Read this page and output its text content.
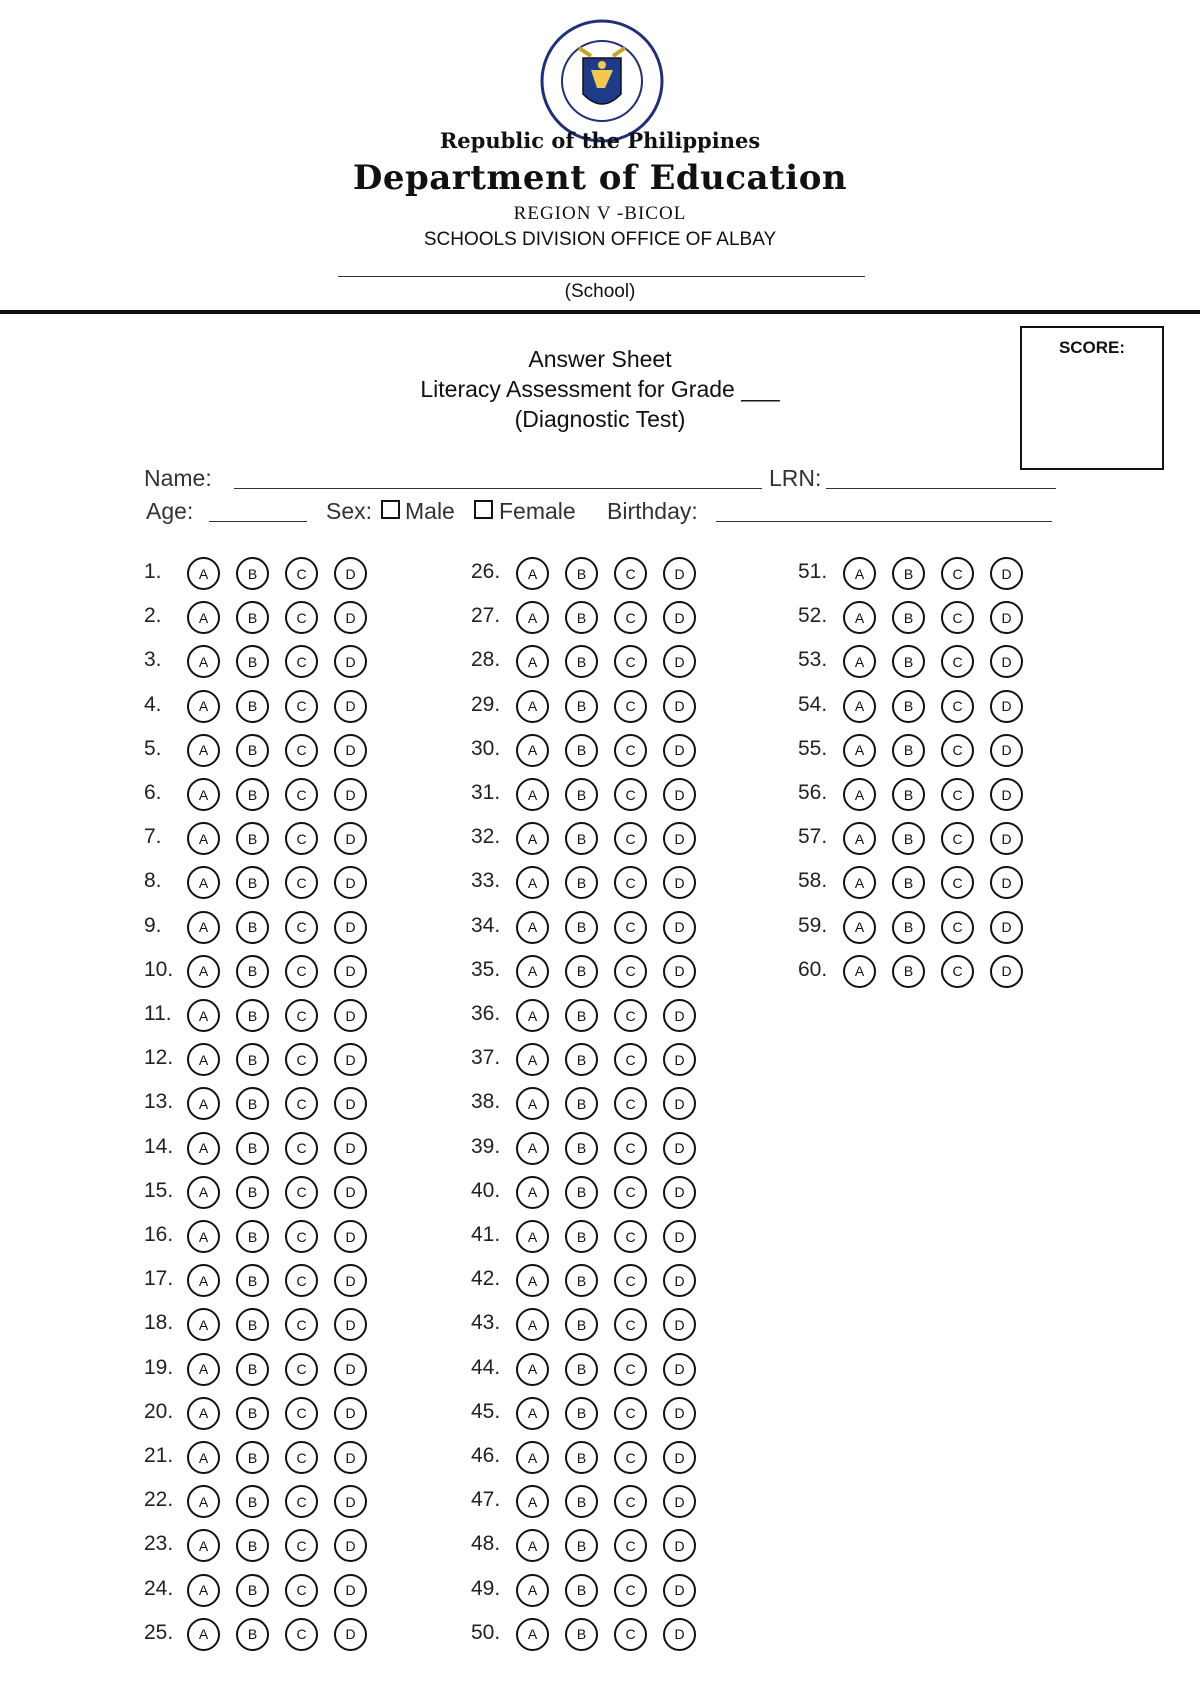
Republic of the Philippines
Department of Education
REGION V -BICOL
SCHOOLS DIVISION OFFICE OF ALBAY
(School)
SCORE:
Answer Sheet
Literacy Assessment for Grade ___
(Diagnostic Test)
Name:	LRN:
Age:	Sex: Male Female Birthday:
1.	A	B	C	D
2.	A	B	C	D
3.	A	B	C	D
4.	A	B	C	D
5.	A	B	C	D
6.	A	B	C	D
7.	A	B	C	D
8.	A	B	C	D
9.	A	B	C	D
10.	A	B	C	D
11.	A	B	C	D
12.	A	B	C	D
13.	A	B	C	D
14.	A	B	C	D
15.	A	B	C	D
16.	A	B	C	D
17.	A	B	C	D
18.	A	B	C	D
19.	A	B	C	D
20.	A	B	C	D
21.	A	B	C	D
22.	A	B	C	D
23.	A	B	C	D
24.	A	B	C	D
25.	A	B	C	D
26.	A	B	C	D
27.	A	B	C	D
28.	A	B	C	D
29.	A	B	C	D
30.	A	B	C	D
31.	A	B	C	D
32.	A	B	C	D
33.	A	B	C	D
34.	A	B	C	D
35.	A	B	C	D
36.	A	B	C	D
37.	A	B	C	D
38.	A	B	C	D
39.	A	B	C	D
40.	A	B	C	D
41.	A	B	C	D
42.	A	B	C	D
43.	A	B	C	D
44.	A	B	C	D
45.	A	B	C	D
46.	A	B	C	D
47.	A	B	C	D
48.	A	B	C	D
49.	A	B	C	D
50.	A	B	C	D
51.	A	B	C	D
52.	A	B	C	D
53.	A	B	C	D
54.	A	B	C	D
55.	A	B	C	D
56.	A	B	C	D
57.	A	B	C	D
58.	A	B	C	D
59.	A	B	C	D
60.	A	B	C	D
